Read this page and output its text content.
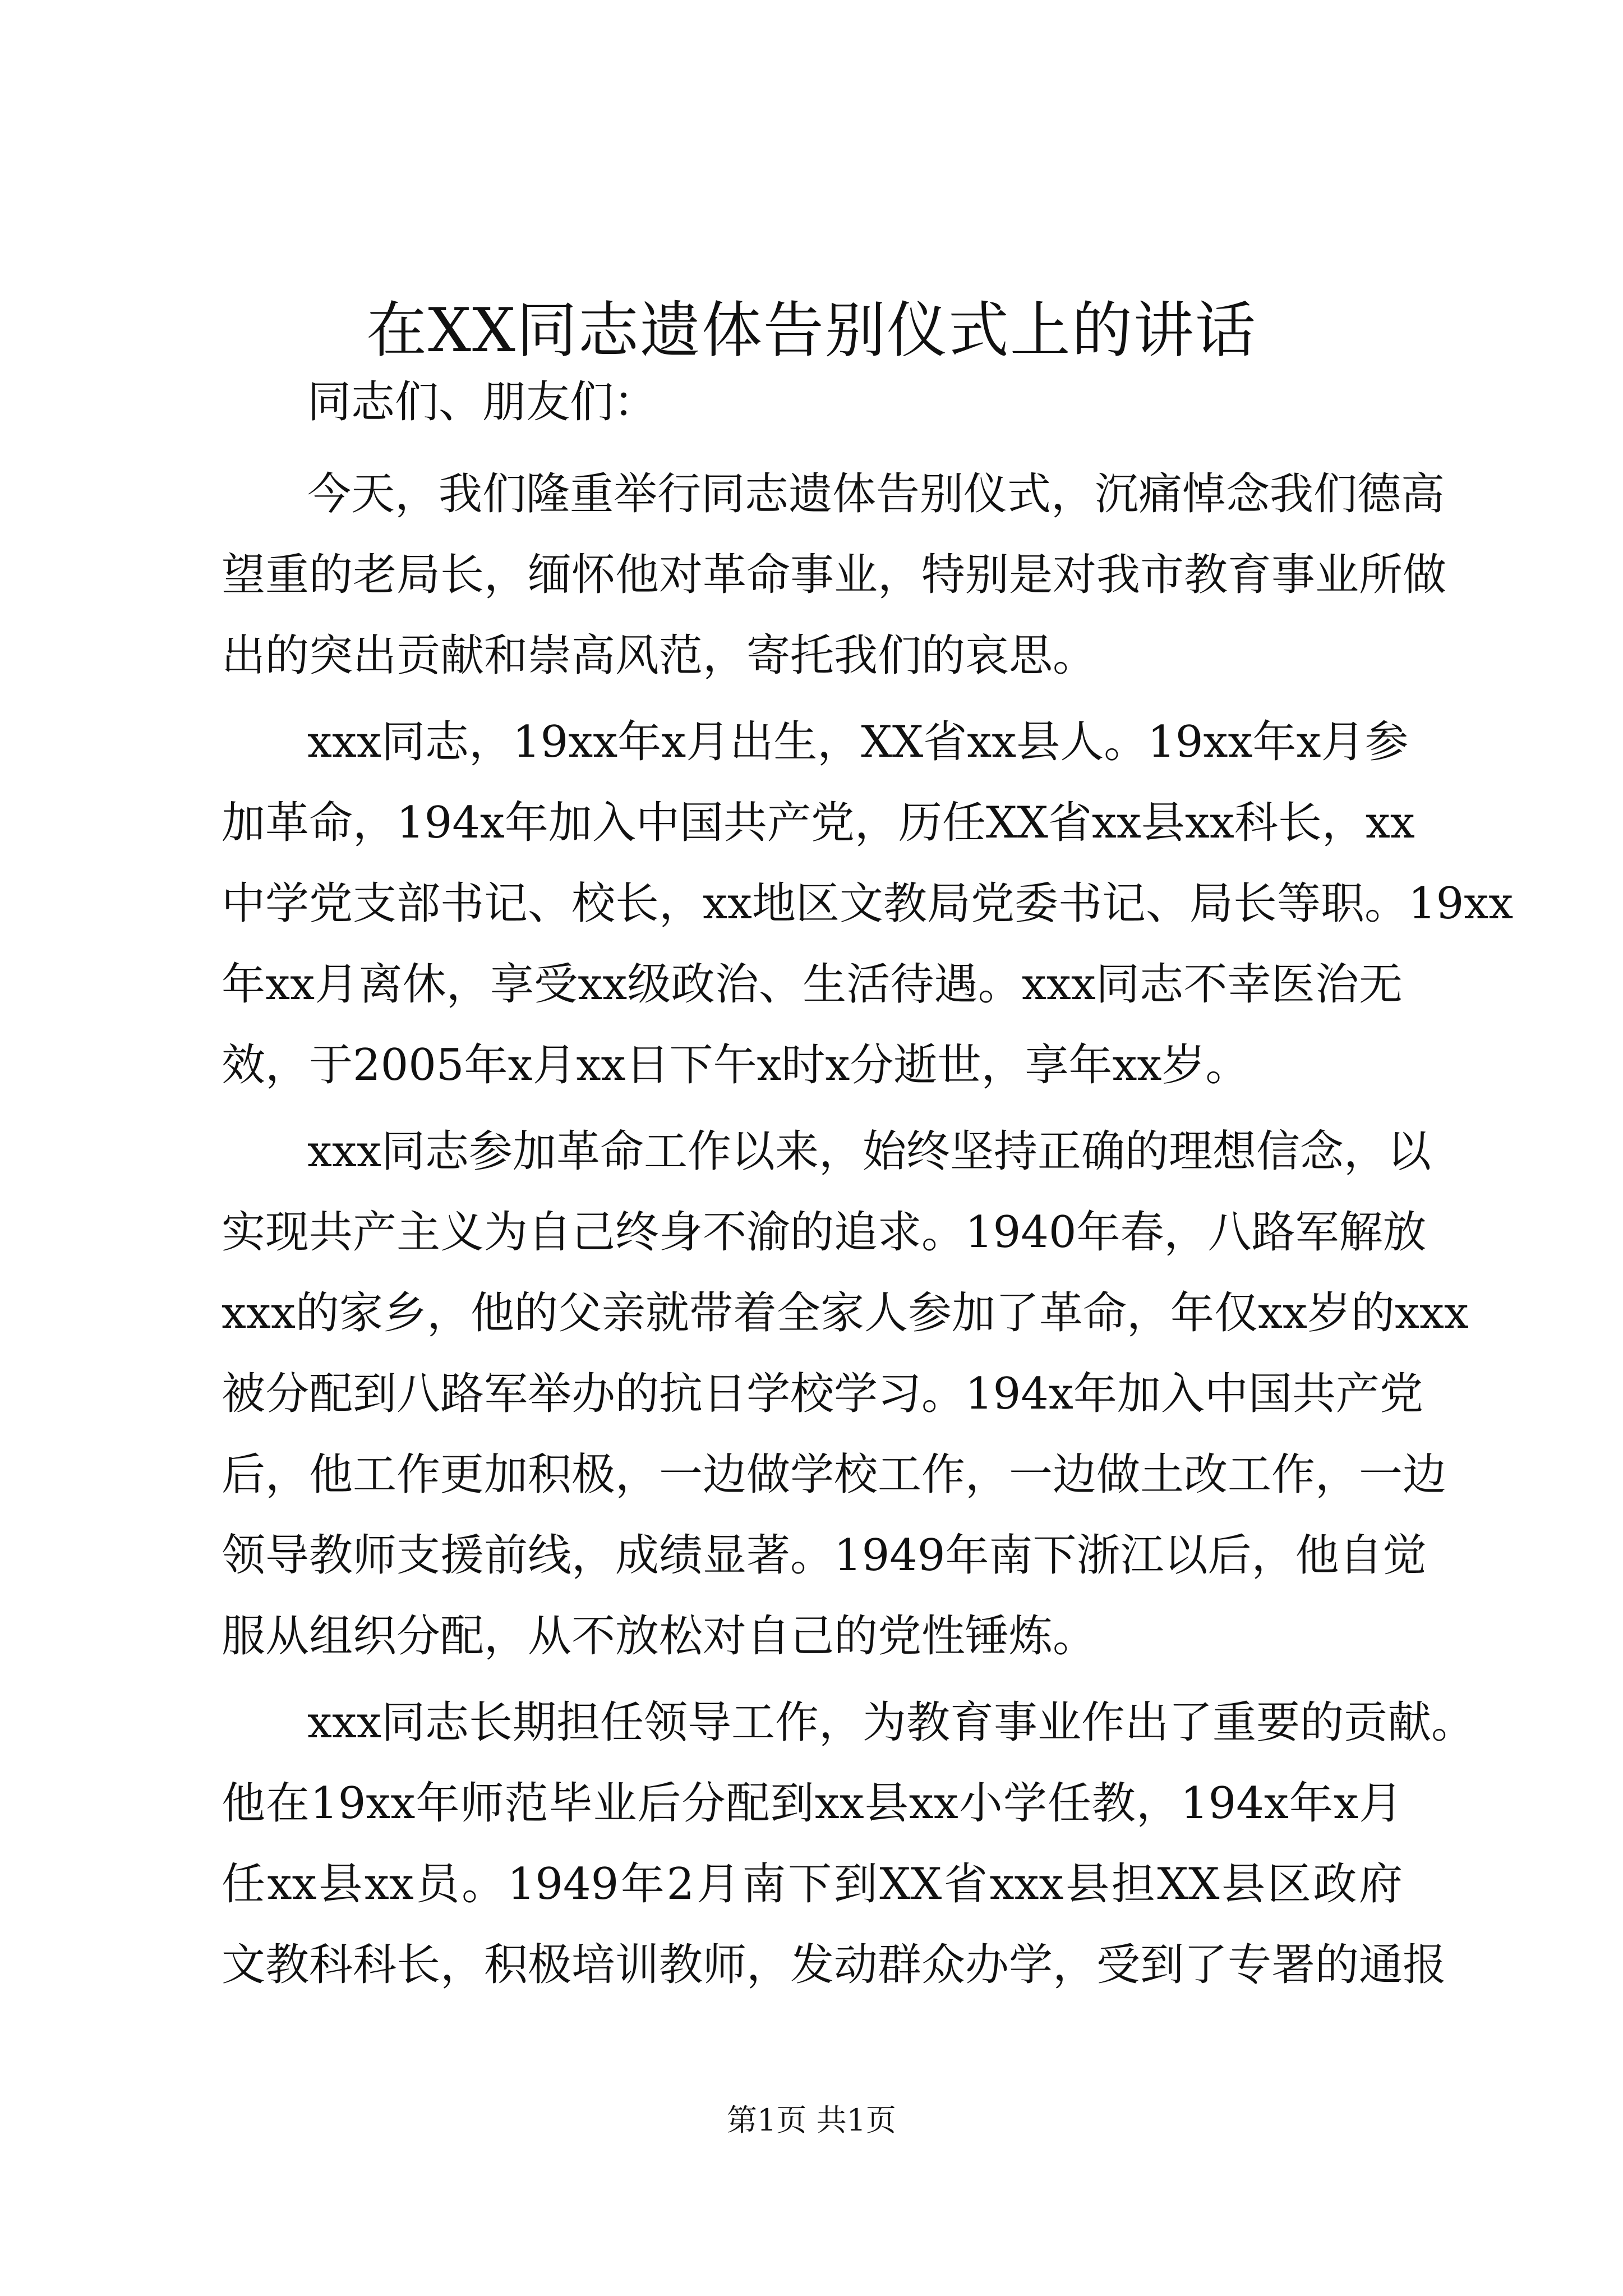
在XX同志遗体告别仪式上的讲话
同志们、朋友们：
今天，我们隆重举行同志遗体告别仪式，沉痛悼念我们德高
望重的老局长，缅怀他对革命事业，特别是对我市教育事业所做
出的突出贡献和崇高风范，寄托我们的哀思。
xxx同志，19xx年x月出生，XX省xx县人。19xx年x月参
加革命，194x年加入中国共产党，历任XX省xx县xx科长，xx
中学党支部书记、校长，xx地区文教局党委书记、局长等职。19xx
年xx月离休，享受xx级政治、生活待遇。xxx同志不幸医治无
效，于2005年x月xx日下午x时x分逝世，享年xx岁。
xxx同志参加革命工作以来，始终坚持正确的理想信念，以
实现共产主义为自己终身不渝的追求。1940年春，八路军解放
xxx的家乡，他的父亲就带着全家人参加了革命，年仅xx岁的xxx
被分配到八路军举办的抗日学校学习。194x年加入中国共产党
后，他工作更加积极，一边做学校工作，一边做土改工作，一边
领导教师支援前线，成绩显著。1949年南下浙江以后，他自觉
服从组织分配，从不放松对自己的党性锤炼。
xxx同志长期担任领导工作，为教育事业作出了重要的贡献。
他在19xx年师范毕业后分配到xx县xx小学任教，194x年x月
任xx县xx员。1949年2月南下到XX省xxx县担XX县区政府
文教科科长，积极培训教师，发动群众办学，受到了专署的通报
第1页 共1页
